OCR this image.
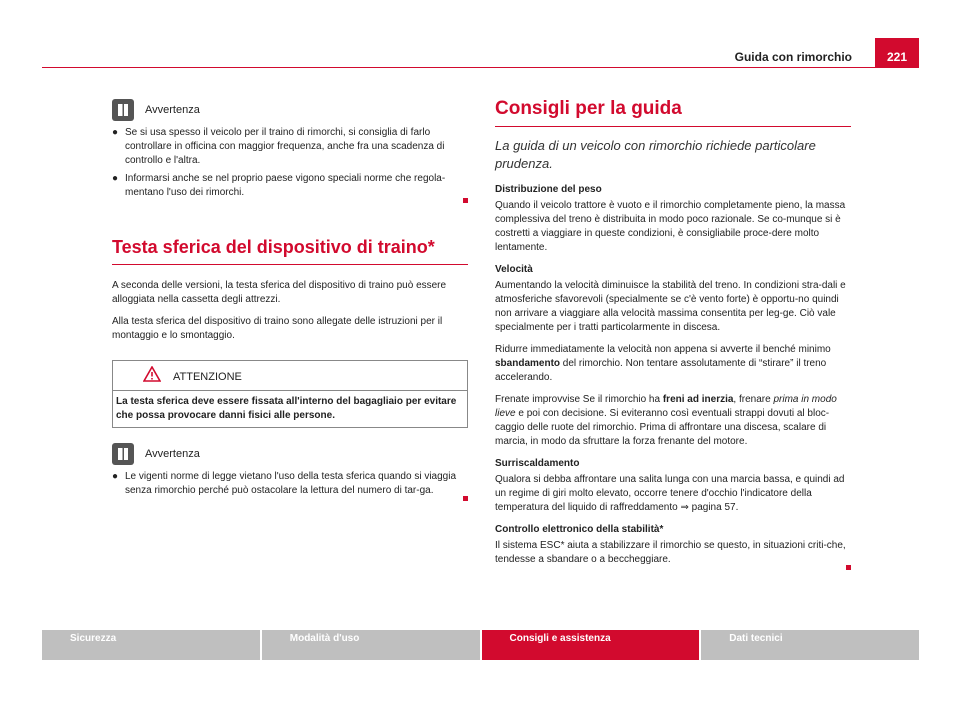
Guida con rimorchio	221
Avvertenza
● Se si usa spesso il veicolo per il traino di rimorchi, si consiglia di farlo controllare in officina con maggior frequenza, anche fra una scadenza di controllo e l'altra.
● Informarsi anche se nel proprio paese vigono speciali norme che regola-mentano l'uso dei rimorchi.
Testa sferica del dispositivo di traino*

A seconda delle versioni, la testa sferica del dispositivo di traino può essere alloggiata nella cassetta degli attrezzi.

Alla testa sferica del dispositivo di traino sono allegate delle istruzioni per il montaggio e lo smontaggio.

ATTENZIONE
La testa sferica deve essere fissata all'interno del bagagliaio per evitare che possa provocare danni fisici alle persone.
Avvertenza
● Le vigenti norme di legge vietano l'uso della testa sferica quando si viaggia senza rimorchio perché può ostacolare la lettura del numero di tar-ga.
Consigli per la guida

La guida di un veicolo con rimorchio richiede particolare prudenza.

Distribuzione del peso

Quando il veicolo trattore è vuoto e il rimorchio completamente pieno, la massa complessiva del treno è distribuita in modo poco razionale. Se co-munque si è costretti a viaggiare in queste condizioni, è consigliabile proce-dere molto lentamente.

Velocità

Aumentando la velocità diminuisce la stabilità del treno. In condizioni stra-dali e atmosferiche sfavorevoli (specialmente se c'è vento forte) è opportu-no quindi non arrivare a viaggiare alla velocità massima consentita per leg-ge. Ciò vale specialmente per i tratti particolarmente in discesa.

Ridurre immediatamente la velocità non appena si avverte il benché minimo sbandamento del rimorchio. Non tentare assolutamente di “stirare” il treno accelerando.

Frenate improvvise Se il rimorchio ha freni ad inerzia, frenare prima in modo lieve e poi con decisione. Si eviteranno così eventuali strappi dovuti al bloc-caggio delle ruote del rimorchio. Prima di affrontare una discesa, scalare di marcia, in modo da sfruttare la forza frenante del motore.

Surriscaldamento

Qualora si debba affrontare una salita lunga con una marcia bassa, e quindi ad un regime di giri molto elevato, occorre tenere d'occhio l'indicatore della temperatura del liquido di raffreddamento ⇒ pagina 57.

Controllo elettronico della stabilità*

Il sistema ESC* aiuta a stabilizzare il rimorchio se questo, in situazioni criti-che, tendesse a sbandare o a beccheggiare.

Sicurezza	Modalità d'uso	Consigli e assistenza	Dati tecnici
